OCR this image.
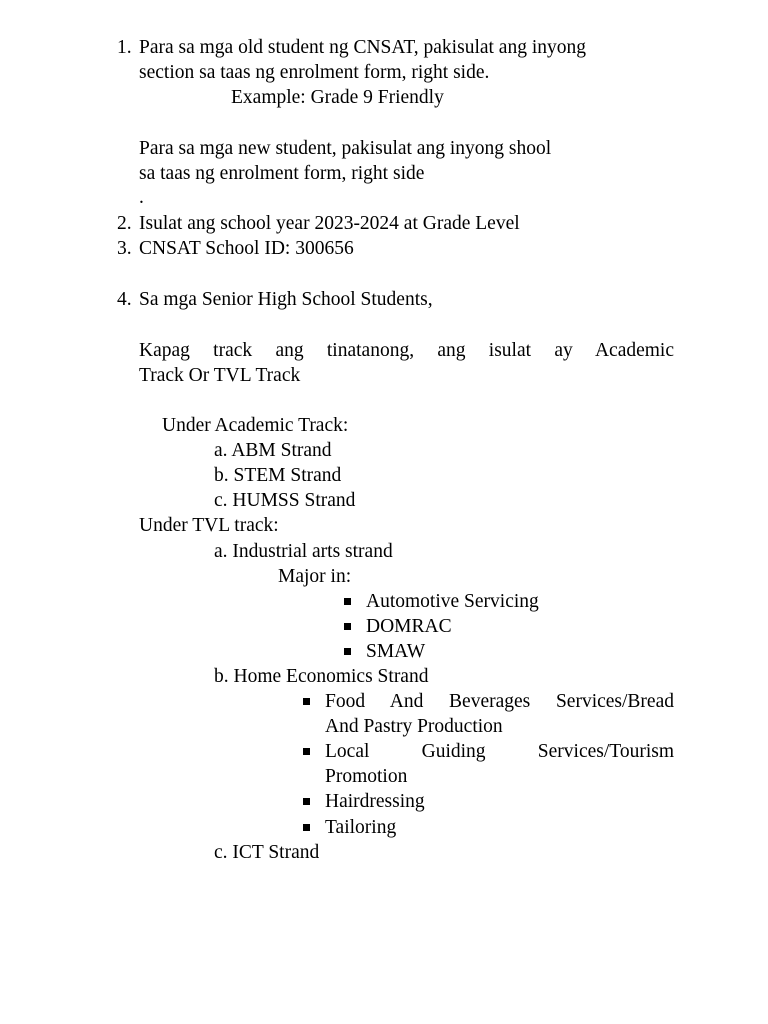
1. Para sa mga old student ng CNSAT, pakisulat ang inyong
section sa taas ng enrolment form, right side.
Example: Grade 9 Friendly
Para sa mga new student, pakisulat ang inyong shool
sa taas ng enrolment form, right side
.
2. Isulat ang school year 2023-2024 at Grade Level
3. CNSAT School ID: 300656
4. Sa mga Senior High School Students,
Kapag track ang tinatanong, ang isulat ay Academic
Track Or TVL Track
Under Academic Track:
a. ABM Strand
b. STEM Strand
c. HUMSS Strand
Under TVL track:
a. Industrial arts strand
Major in:
Automotive Servicing
DOMRAC
SMAW
b. Home Economics Strand
Food And Beverages Services/Bread
And Pastry Production
Local Guiding Services/Tourism
Promotion
Hairdressing
Tailoring
c. ICT Strand
